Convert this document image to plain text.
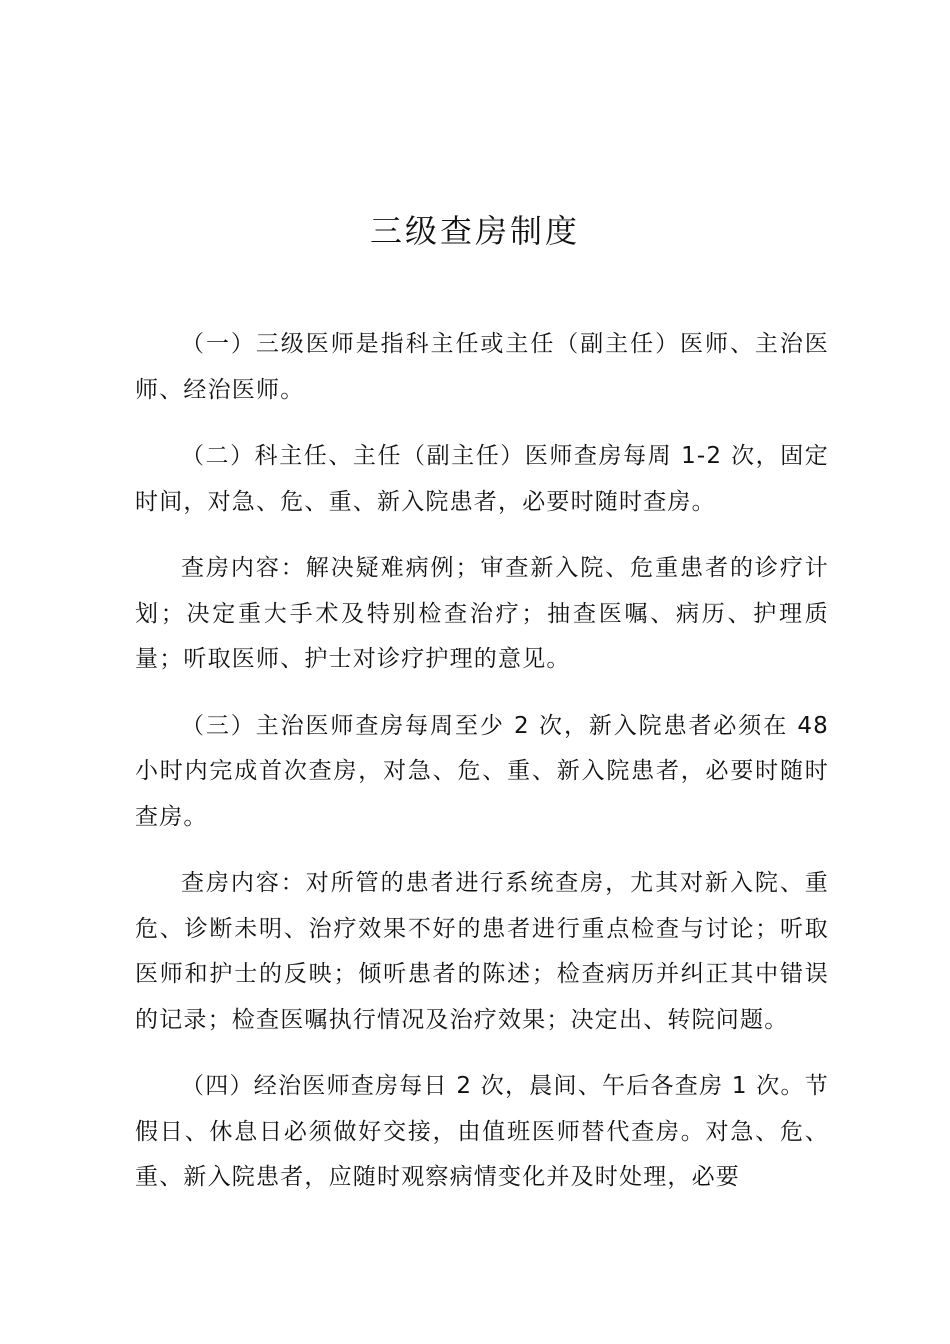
三级查房制度

（一）三级医师是指科主任或主任（副主任）医师、主治医师、经治医师。

（二）科主任、主任（副主任）医师查房每周 1-2 次，固定时间，对急、危、重、新入院患者，必要时随时查房。

查房内容：解决疑难病例；审查新入院、危重患者的诊疗计划；决定重大手术及特别检查治疗；抽查医嘱、病历、护理质量；听取医师、护士对诊疗护理的意见。

（三）主治医师查房每周至少 2 次，新入院患者必须在 48 小时内完成首次查房，对急、危、重、新入院患者，必要时随时查房。

查房内容：对所管的患者进行系统查房，尤其对新入院、重危、诊断未明、治疗效果不好的患者进行重点检查与讨论；听取医师和护士的反映；倾听患者的陈述；检查病历并纠正其中错误的记录；检查医嘱执行情况及治疗效果；决定出、转院问题。

（四）经治医师查房每日 2 次，晨间、午后各查房 1 次。节假日、休息日必须做好交接，由值班医师替代查房。对急、危、重、新入院患者，应随时观察病情变化并及时处理，必要
